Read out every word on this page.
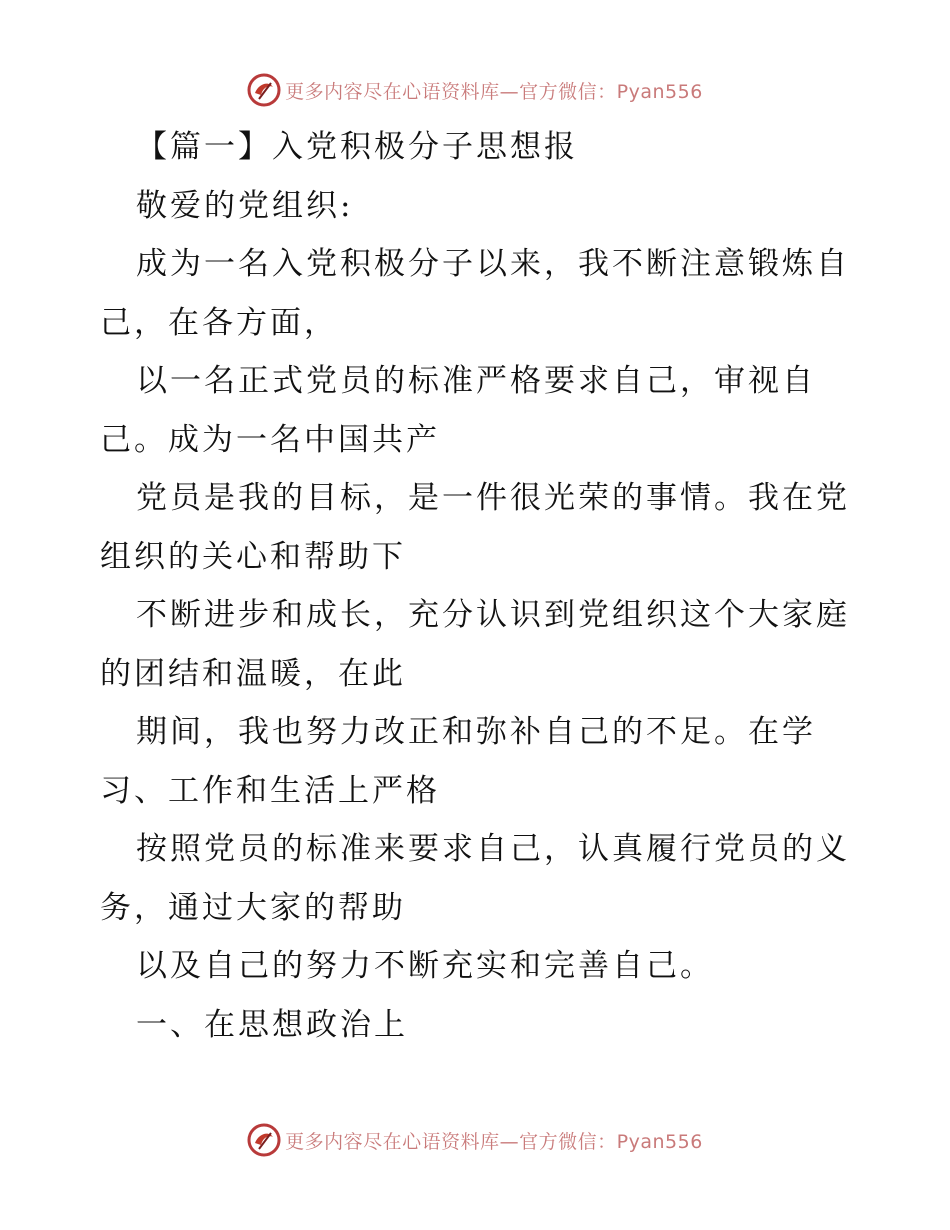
更多内容尽在心语资料库—官方微信：Pyan556
【篇一】入党积极分子思想报
敬爱的党组织:
成为一名入党积极分子以来，我不断注意锻炼自
己，在各方面，
以一名正式党员的标准严格要求自己，审视自
己。成为一名中国共产
党员是我的目标，是一件很光荣的事情。我在党
组织的关心和帮助下
不断进步和成长，充分认识到党组织这个大家庭
的团结和温暖，在此
期间，我也努力改正和弥补自己的不足。在学
习、工作和生活上严格
按照党员的标准来要求自己，认真履行党员的义
务，通过大家的帮助
以及自己的努力不断充实和完善自己。
一、在思想政治上
更多内容尽在心语资料库—官方微信：Pyan556
